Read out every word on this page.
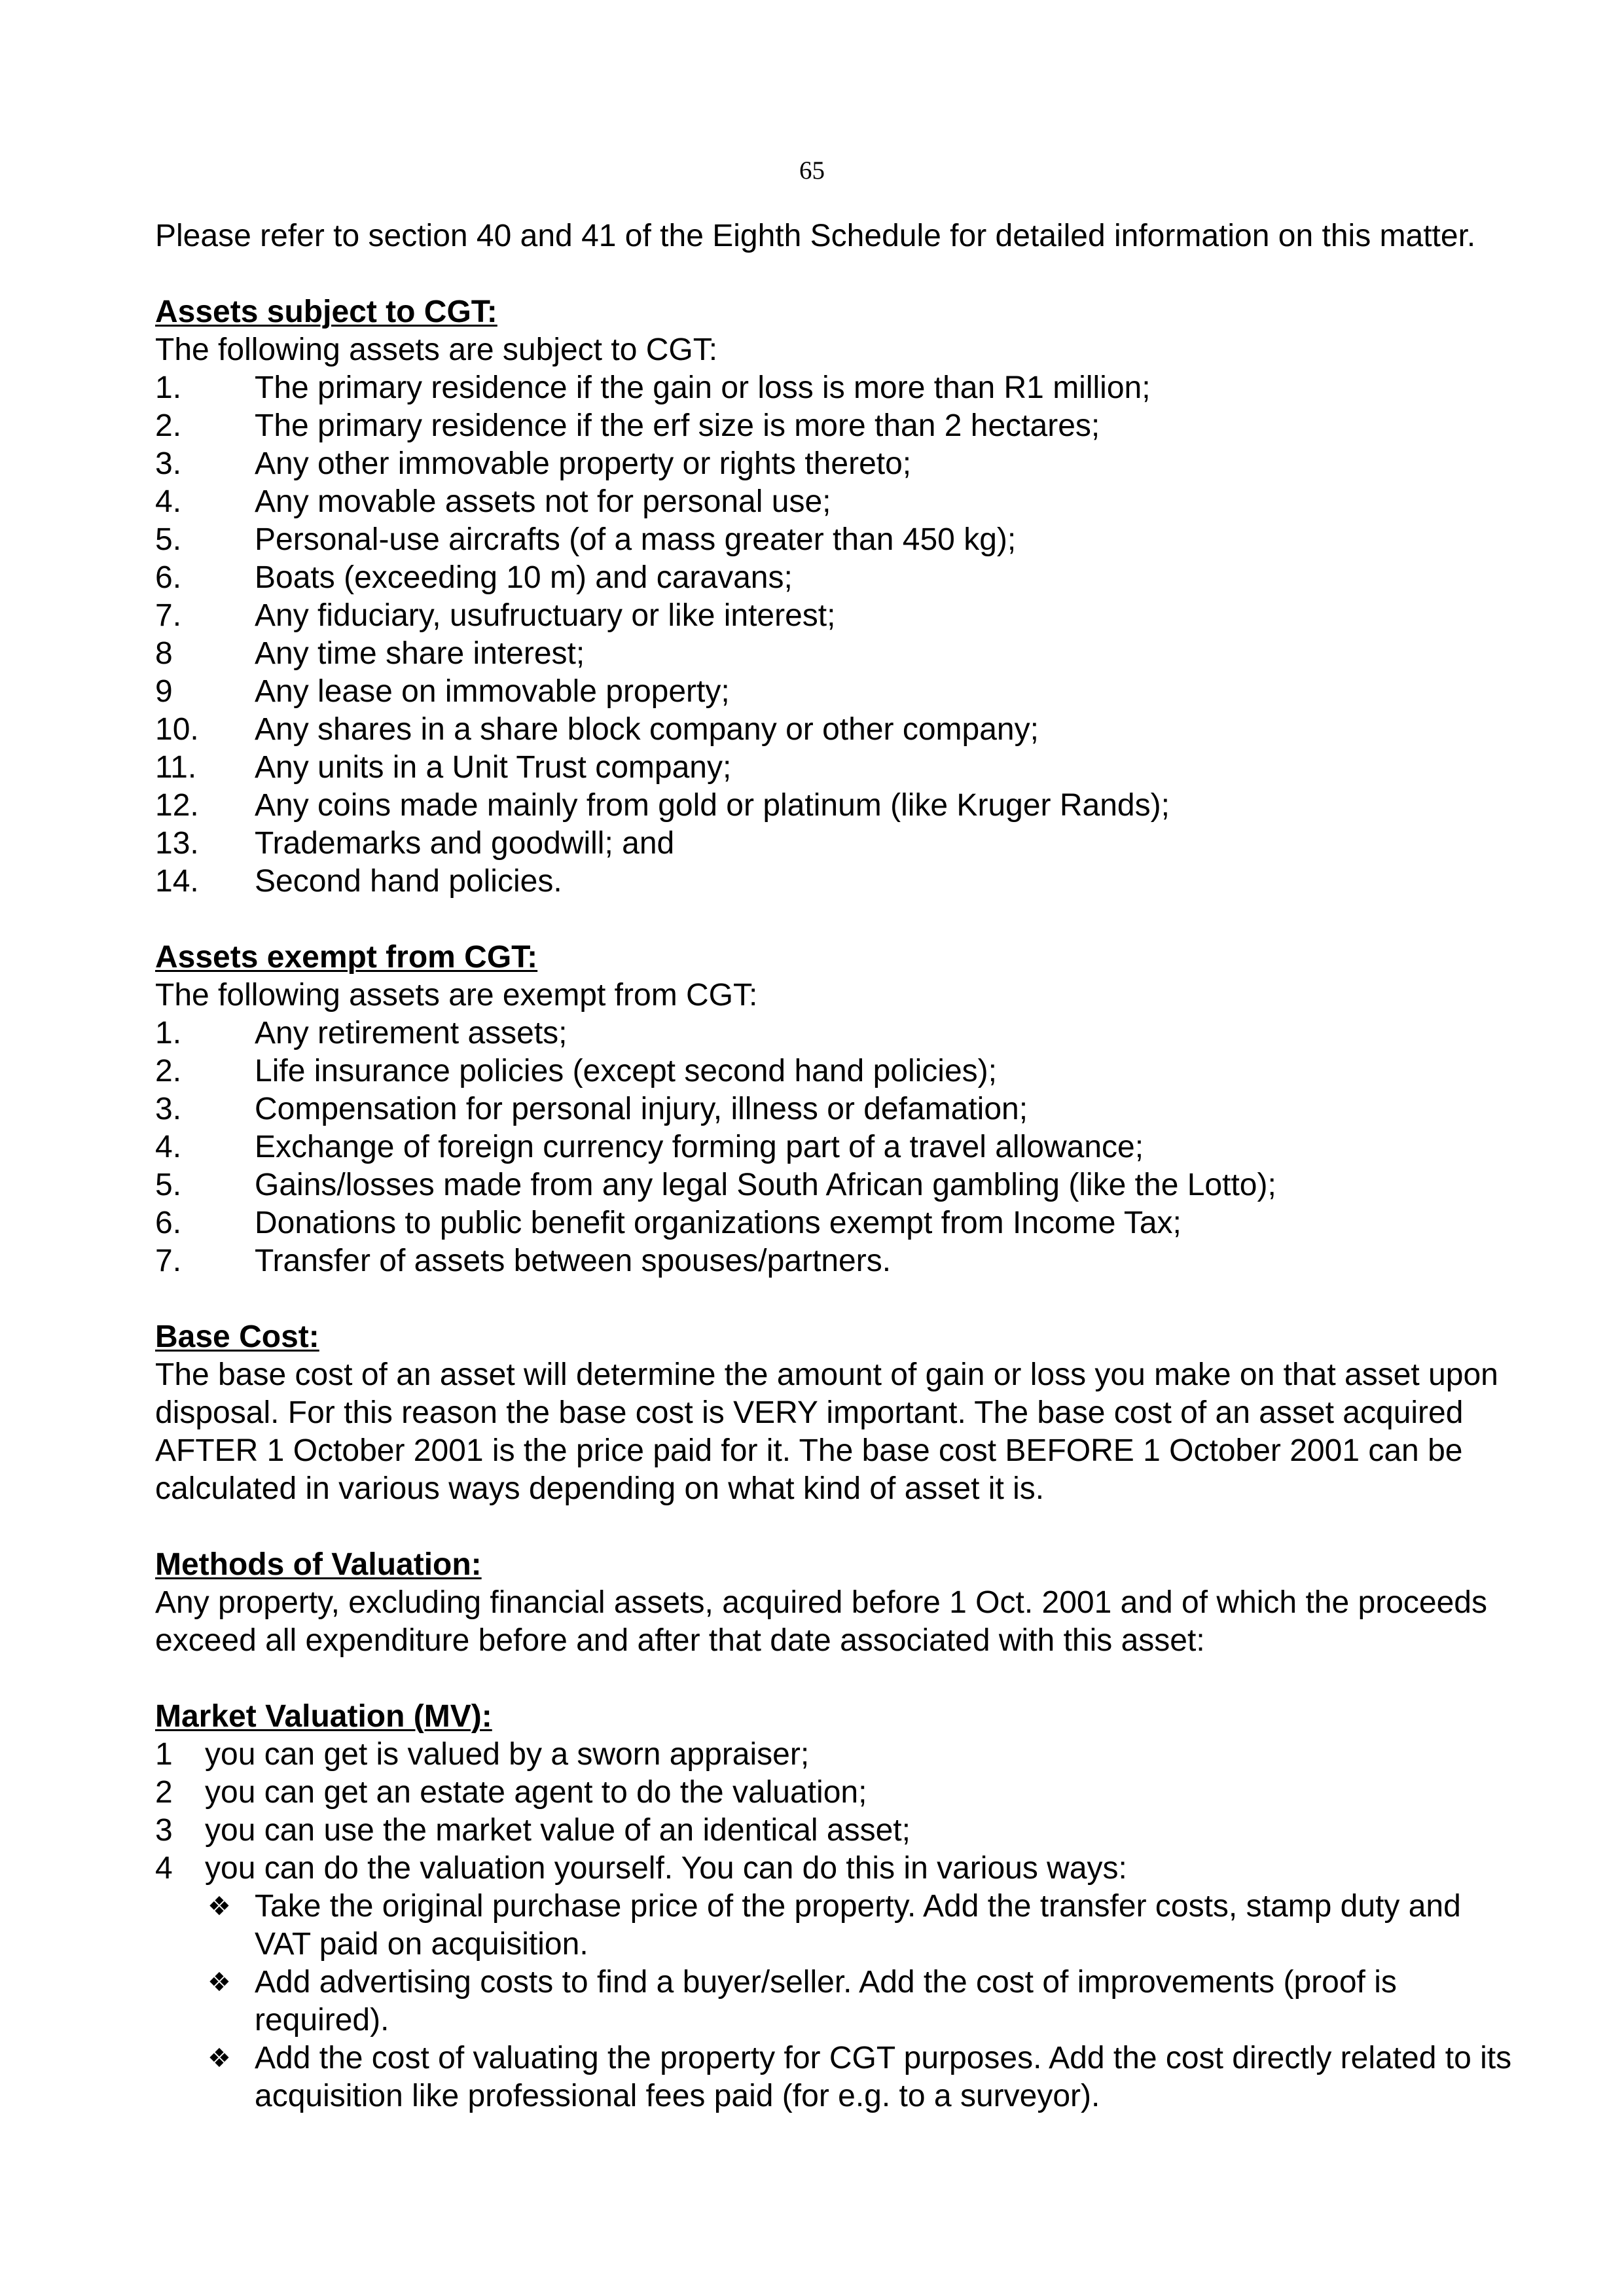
65

Please refer to section 40 and 41 of the Eighth Schedule for detailed information on this matter.

Assets subject to CGT:

The following assets are subject to CGT:

1.	The primary residence if the gain or loss is more than R1 million;
2.	The primary residence if the erf size is more than 2 hectares;
3.	Any other immovable property or rights thereto;
4.	Any movable assets not for personal use;
5.	Personal-use aircrafts (of a mass greater than 450 kg);
6.	Boats (exceeding 10 m) and caravans;
7.	Any fiduciary, usufructuary or like interest;
8	Any time share interest;
9	Any lease on immovable property;
10.	Any shares in a share block company or other company;
11.	Any units in a Unit Trust company;
12.	Any coins made mainly from gold or platinum (like Kruger Rands);
13.	Trademarks and goodwill; and
14.	Second hand policies.

Assets exempt from CGT:

The following assets are exempt from CGT:

1.	Any retirement assets;
2.	Life insurance policies (except second hand policies);
3.	Compensation for personal injury, illness or defamation;
4.	Exchange of foreign currency forming part of a travel allowance;
5.	Gains/losses made from any legal South African gambling (like the Lotto);
6.	Donations to public benefit organizations exempt from Income Tax;
7.	Transfer of assets between spouses/partners.

Base Cost:

The base cost of an asset will determine the amount of gain or loss you make on that asset upon disposal. For this reason the base cost is VERY important. The base cost of an asset acquired AFTER 1 October 2001 is the price paid for it. The base cost BEFORE 1 October 2001 can be calculated in various ways depending on what kind of asset it is.

Methods of Valuation:

Any property, excluding financial assets, acquired before 1 Oct. 2001 and of which the proceeds exceed all expenditure before and after that date associated with this asset:

Market Valuation (MV):

1	you can get is valued by a sworn appraiser;
2	you can get an estate agent to do the valuation;
3	you can use the market value of an identical asset;
4	you can do the valuation yourself. You can do this in various ways:
❖ Take the original purchase price of the property. Add the transfer costs, stamp duty and VAT paid on acquisition.
❖ Add advertising costs to find a buyer/seller. Add the cost of improvements (proof is required).
❖ Add the cost of valuating the property for CGT purposes. Add the cost directly related to its acquisition like professional fees paid (for e.g. to a surveyor).
